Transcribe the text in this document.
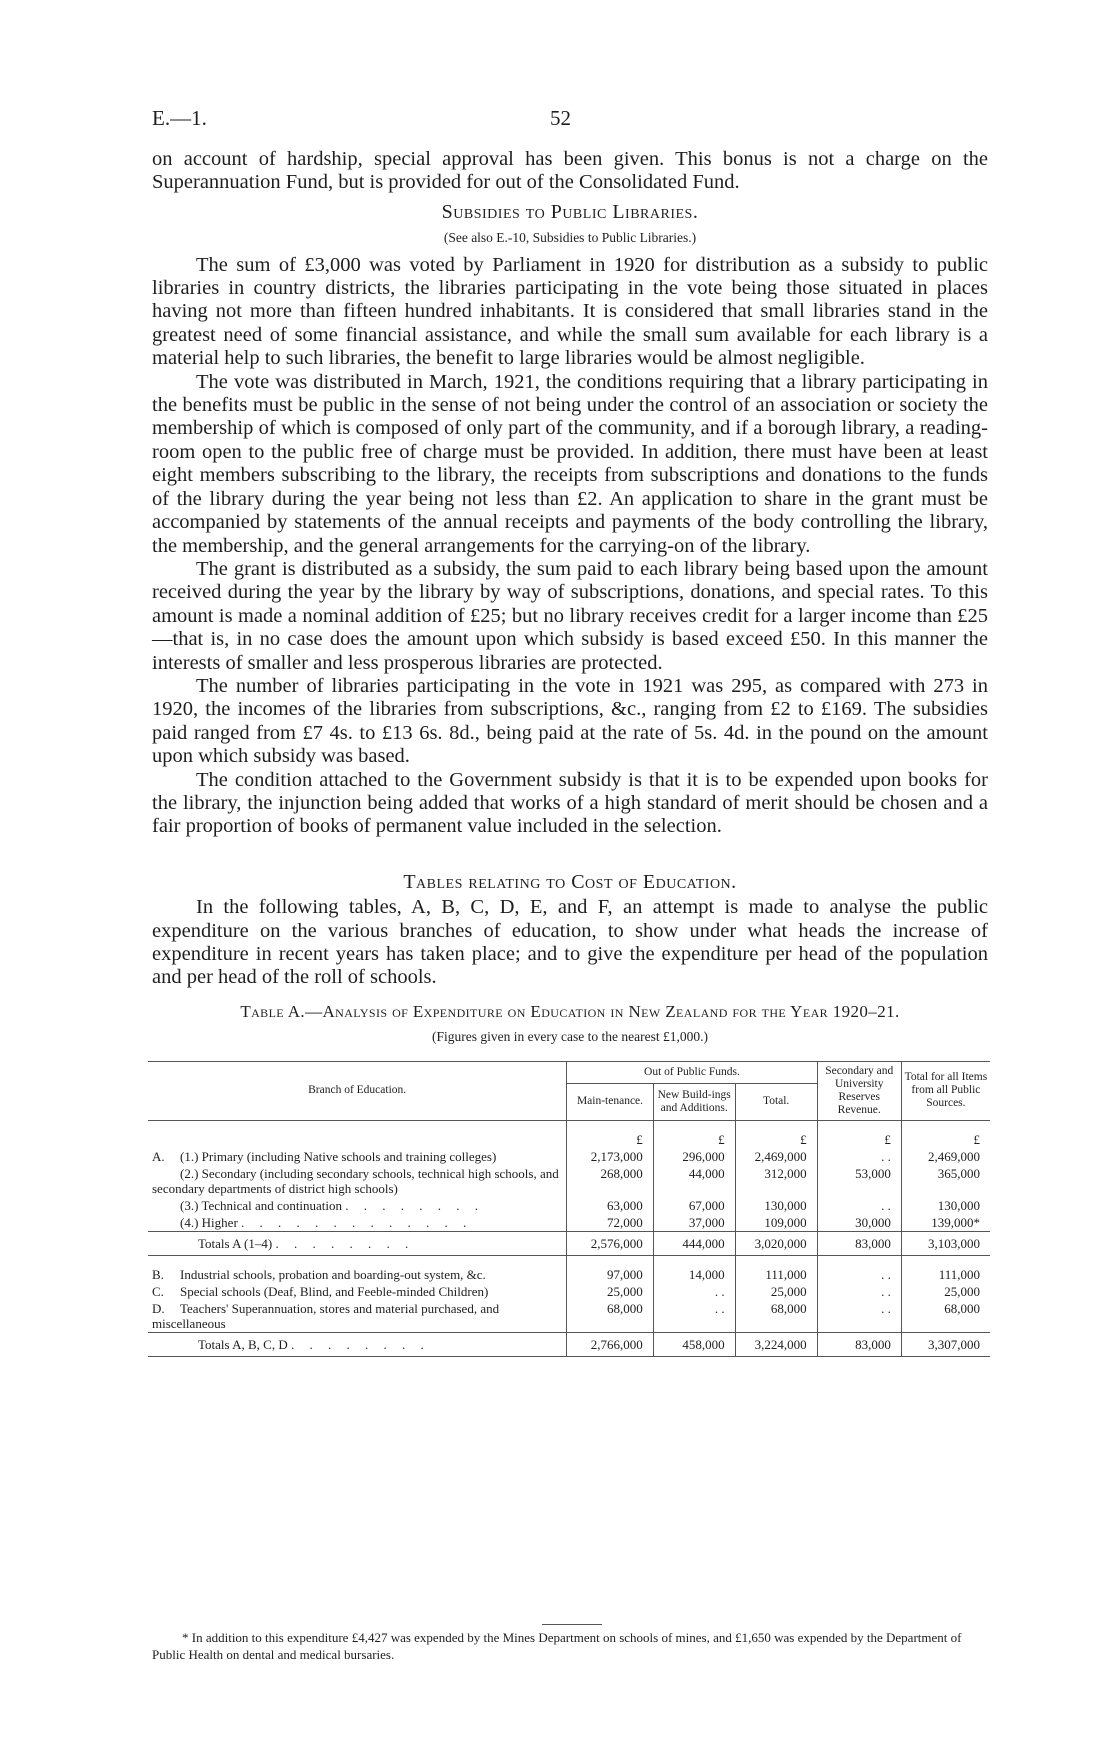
E.—1.	52

on account of hardship, special approval has been given. This bonus is not a charge on the Superannuation Fund, but is provided for out of the Consolidated Fund.

Subsidies to Public Libraries.
(See also E.-10, Subsidies to Public Libraries.)

The sum of £3,000 was voted by Parliament in 1920 for distribution as a subsidy to public libraries in country districts, the libraries participating in the vote being those situated in places having not more than fifteen hundred inhabitants. It is considered that small libraries stand in the greatest need of some financial assistance, and while the small sum available for each library is a material help to such libraries, the benefit to large libraries would be almost negligible.

The vote was distributed in March, 1921, the conditions requiring that a library participating in the benefits must be public in the sense of not being under the control of an association or society the membership of which is composed of only part of the community, and if a borough library, a reading-room open to the public free of charge must be provided. In addition, there must have been at least eight members subscribing to the library, the receipts from subscriptions and donations to the funds of the library during the year being not less than £2. An application to share in the grant must be accompanied by statements of the annual receipts and payments of the body controlling the library, the membership, and the general arrangements for the carrying-on of the library.

The grant is distributed as a subsidy, the sum paid to each library being based upon the amount received during the year by the library by way of subscriptions, donations, and special rates. To this amount is made a nominal addition of £25; but no library receives credit for a larger income than £25—that is, in no case does the amount upon which subsidy is based exceed £50. In this manner the interests of smaller and less prosperous libraries are protected.

The number of libraries participating in the vote in 1921 was 295, as compared with 273 in 1920, the incomes of the libraries from subscriptions, &c., ranging from £2 to £169. The subsidies paid ranged from £7 4s. to £13 6s. 8d., being paid at the rate of 5s. 4d. in the pound on the amount upon which subsidy was based.

The condition attached to the Government subsidy is that it is to be expended upon books for the library, the injunction being added that works of a high standard of merit should be chosen and a fair proportion of books of permanent value included in the selection.

Tables relating to Cost of Education.

In the following tables, A, B, C, D, E, and F, an attempt is made to analyse the public expenditure on the various branches of education, to show under what heads the increase of expenditure in recent years has taken place; and to give the expenditure per head of the population and per head of the roll of schools.

Table A.—Analysis of Expenditure on Education in New Zealand for the Year 1920–21.
(Figures given in every case to the nearest £1,000.)
Branch of Education.	Out of Public Funds.			Secondary and University Reserves Revenue.	Total for all Items from all Public Sources.
	Main-tenance.	New Build-ings and Additions.	Total.		

	£	£	£	£	£
A. (1.) Primary (including Native schools and training colleges)	2,173,000	296,000	2,469,000	. .	2,469,000
(2.) Secondary (including secondary schools, technical high schools, and secondary departments of district high schools)	268,000	44,000	312,000	53,000	365,000
(3.) Technical and continuation . . . . . . . .	63,000	67,000	130,000	. .	130,000
(4.) Higher . . . . . . . . . . . . .	72,000	37,000	109,000	30,000	139,000*
Totals A (1–4) . . . . . . . .	2,576,000	444,000	3,020,000	83,000	3,103,000

B. Industrial schools, probation and boarding-out system, &c.	97,000	14,000	111,000	. .	111,000
C. Special schools (Deaf, Blind, and Feeble-minded Children)	25,000	. .	25,000	. .	25,000
D. Teachers' Superannuation, stores and material purchased, and miscellaneous	68,000	. .	68,000	. .	68,000
Totals A, B, C, D . . . . . . . .	2,766,000	458,000	3,224,000	83,000	3,307,000

* In addition to this expenditure £4,427 was expended by the Mines Department on schools of mines, and £1,650 was expended by the Department of Public Health on dental and medical bursaries.
